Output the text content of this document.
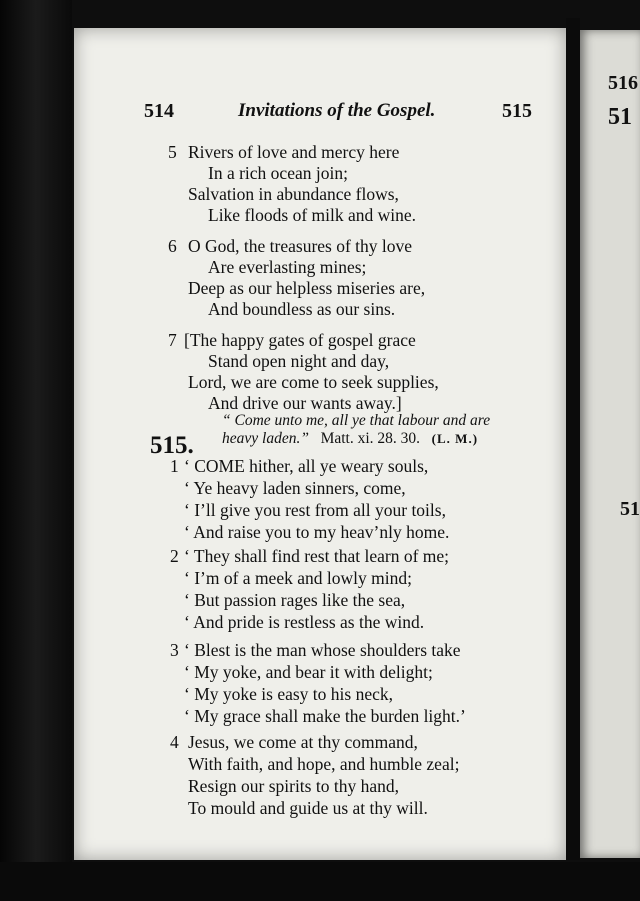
514	Invitations of the Gospel.	515
5 Rivers of love and mercy here
In a rich ocean join;
Salvation in abundance flows,
Like floods of milk and wine.
6 O God, the treasures of thy love
Are everlasting mines;
Deep as our helpless miseries are,
And boundless as our sins.
7 [The happy gates of gospel grace
Stand open night and day,
Lord, we are come to seek supplies,
And drive our wants away.]
515.
“ Come unto me, all ye that labour and are
heavy laden.” Matt. xi. 28. 30. (L. M.)
1 ‘ COME hither, all ye weary souls,
‘ Ye heavy laden sinners, come,
‘ I’ll give you rest from all your toils,
‘ And raise you to my heav’nly home.
2 ‘ They shall find rest that learn of me;
‘ I’m of a meek and lowly mind;
‘ But passion rages like the sea,
‘ And pride is restless as the wind.
3 ‘ Blest is the man whose shoulders take
‘ My yoke, and bear it with delight;
‘ My yoke is easy to his neck,
‘ My grace shall make the burden light.’
4 Jesus, we come at thy command,
With faith, and hope, and humble zeal;
Resign our spirits to thy hand,
To mould and guide us at thy will.
516
51
51
